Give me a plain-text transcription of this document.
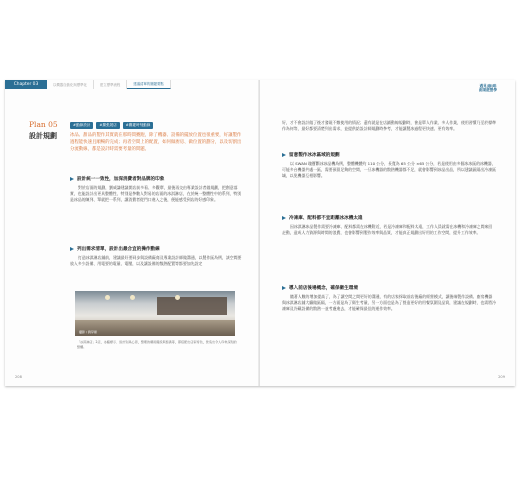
Chapter 03	以機器自動化與標準化	建立標準流程	建議清單的關鍵要點
Plan 05
設計規劃
#動線設計	#擴張展店	#關鍵時刻動線
冰品、甜品的製作其實就在那時間賽跑，除了機器、設備的擺放位置也很重要，好讓製作過程能快速且順暢的完成；再者空間上的配置，如何做廚房、做位置的劃分，以及切割出分流動線，都是設計時需要考量的問題。
設計統一一致性，加深消費者對品牌的印象
對於店面的規劃，劉威謙建議開店前多看、多觀摩，最後再交由專業設計者做規劃，把創意落實，也能設計出更具整體性、特別是參數人對易的店面的冰淇淋店，在於統一整體性中的系列，特別是冰品的陳列、單就把一系列，讓消費者從門口進入之後，便能感受到店的好感印象。
列出需求清單，設計出最合宜的操作動線
打造冰淇淋店鋪前，建議最好要同步與設備廠商及專業設計師做溝通，以製作區為例，該空間要放入多少設備、用電要的電量、電壓，以及讓設備的散熱配置等都要加先設定
攝影 / 劉學揚
「冰淇淋店」2店，冰櫃標示、設計別具心思，整理的藝術擺設與裝潢等，都搭配出店家特色，營造出令人印象深刻的整體。
208
遇見|咖|啡
創業經營學
好，才不會設計做了後才發現不敷使用的情況；還有就是在店鋪動線規劃時，會是單人作業、多人作業，使用習慣乃至於標準作為何等，最好都要清楚列出需求，並提供給設計師規劃時參考，才能讓製冰過程更快速、更有效率。
留意製作冰冰區域的規劃
以 SWAN 瑰寶斷冰冰品機為例，整體機體約 110 公分，長寬為 65 公分 ×65 公分，若是使用由多個冰冰區的冰機器，可能多台機器共處一區，需要預留足夠的空間，一旦冰機器的散熱機器都不足，就會影響到冰品出品，所以建議區隔出冷凍區域，以免機器互相影響。
冷凍庫、配料都不宜距離冰冰機太遠
因冰淇淋冰品製作需要冷凍庫、配料都需在冰機附近，若是冷凍庫和配料太遠，工作人員就需在冰機和冷凍庫之間來回走動，造成人力資源與時間的浪費，也會影響到製作效率與品質，才能真正規劃出好用的工作空間，提升工作效率。
導入前店後場概念，確保衛生環境
隨著人數的增加提高了，為了讓空間之間更好的溝通，有的店家採取前店後廠的經營模式，讓後端製作設備、廚房機器與冰淇淋店鋪大廳做區隔，一方面是為了衛生考量，另一方面也是為了營造更好的用餐氛圍及品質，建議在規劃時，也需將冷凍庫及冷藏設備的散熱一並考慮進去，才能確保最佳的運作效率。
209
